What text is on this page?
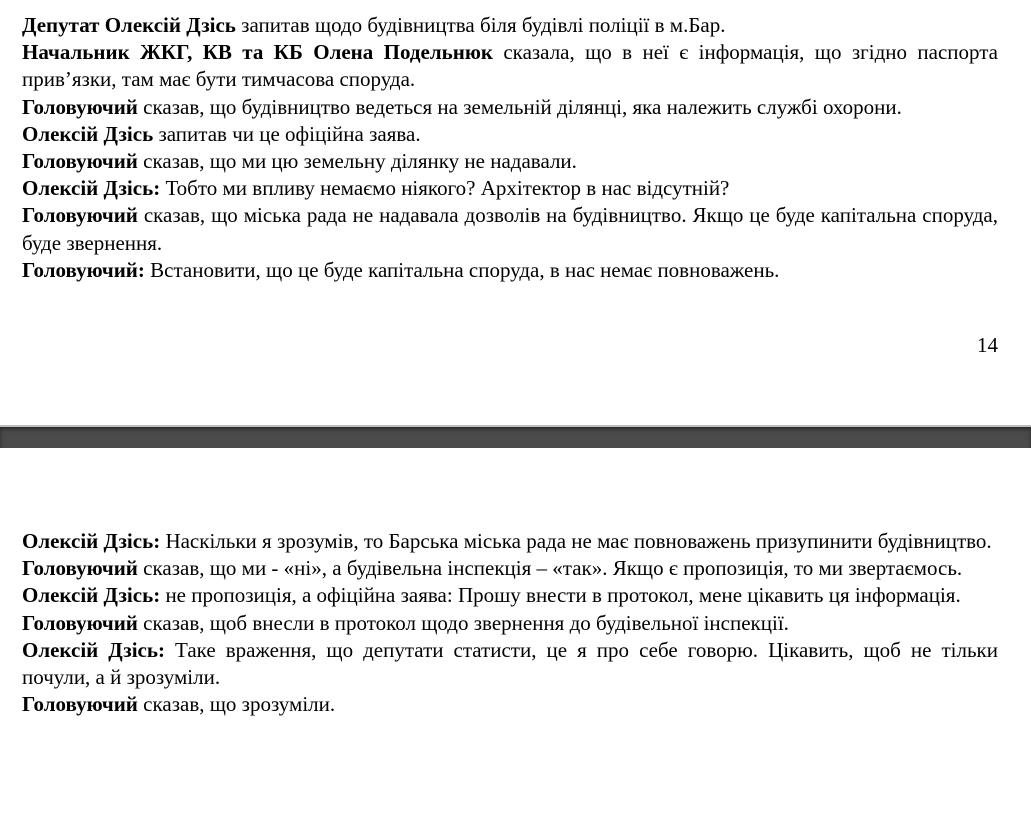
Депутат Олексій Дзісь запитав щодо будівництва біля будівлі поліції в м.Бар.

Начальник ЖКГ, КВ та КБ Олена Подельнюк сказала, що в неї є інформація, що згідно паспорта прив’язки, там має бути тимчасова споруда.

Головуючий сказав, що будівництво ведеться на земельній ділянці, яка належить службі охорони.

Олексій Дзісь запитав чи це офіційна заява.

Головуючий сказав, що ми цю земельну ділянку не надавали.

Олексій Дзісь: Тобто ми впливу немаємо ніякого? Архітектор в нас відсутній?

Головуючий сказав, що міська рада не надавала дозволів на будівництво. Якщо це буде капітальна споруда, буде звернення.

Головуючий: Встановити, що це буде капітальна споруда, в нас немає повноважень.

14

Олексій Дзісь: Наскільки я зрозумів, то Барська міська рада не має повноважень призупинити будівництво.

Головуючий сказав, що ми - «ні», а будівельна інспекція – «так». Якщо є пропозиція, то ми звертаємось.

Олексій Дзісь: не пропозиція, а офіційна заява: Прошу внести в протокол, мене цікавить ця інформація.

Головуючий сказав, щоб внесли в протокол щодо звернення до будівельної інспекції.

Олексій Дзісь: Таке враження, що депутати статисти, це я про себе говорю. Цікавить, щоб не тільки почули, а й зрозуміли.

Головуючий сказав, що зрозуміли.
